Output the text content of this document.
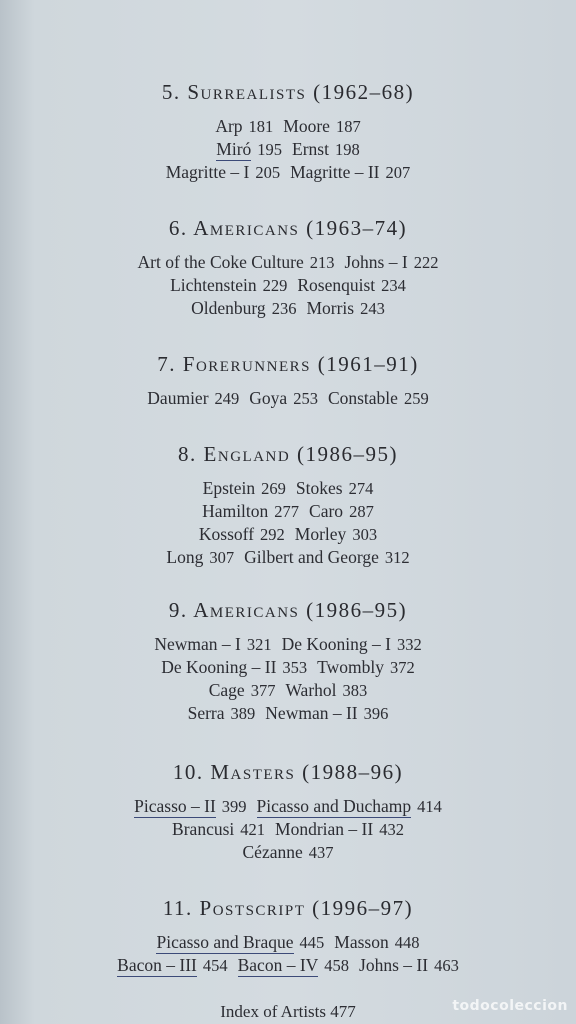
5. Surrealists (1962–68)
Arp 181 Moore 187
Miró 195 Ernst 198
Magritte – I 205 Magritte – II 207
6. Americans (1963–74)
Art of the Coke Culture 213 Johns – I 222
Lichtenstein 229 Rosenquist 234
Oldenburg 236 Morris 243
7. Forerunners (1961–91)
Daumier 249 Goya 253 Constable 259
8. England (1986–95)
Epstein 269 Stokes 274
Hamilton 277 Caro 287
Kossoff 292 Morley 303
Long 307 Gilbert and George 312
9. Americans (1986–95)
Newman – I 321 De Kooning – I 332
De Kooning – II 353 Twombly 372
Cage 377 Warhol 383
Serra 389 Newman – II 396
10. Masters (1988–96)
Picasso – II 399 Picasso and Duchamp 414
Brancusi 421 Mondrian – II 432
Cézanne 437
11. Postscript (1996–97)
Picasso and Braque 445 Masson 448
Bacon – III 454 Bacon – IV 458 Johns – II 463
Index of Artists 477	todocoleccion
